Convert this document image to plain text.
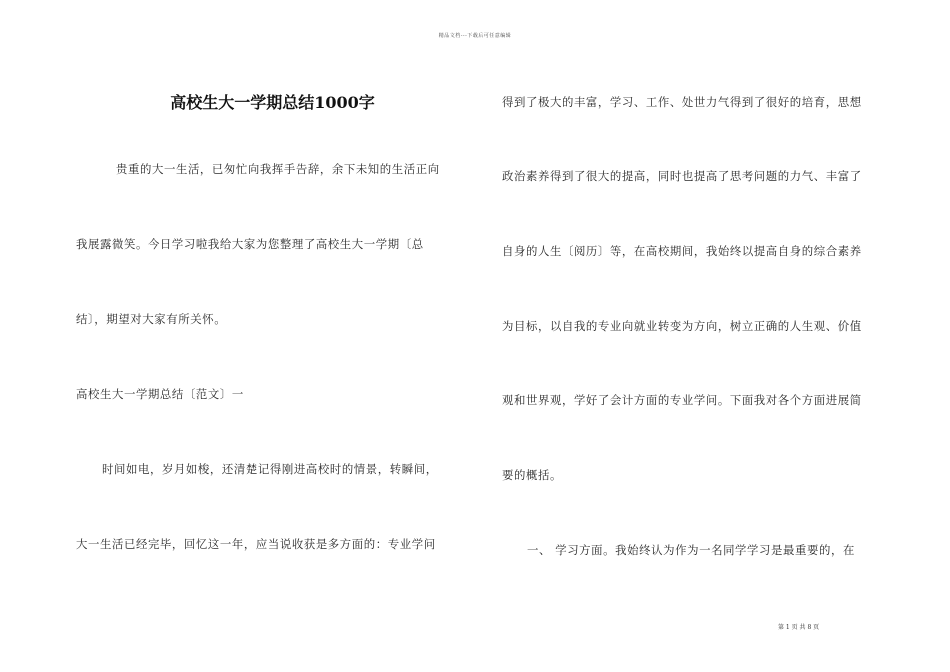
精品文档---下载后可任意编辑
高校生大一学期总结1000字
贵重的大一生活，已匆忙向我挥手告辞，余下未知的生活正向
我展露微笑。今日学习啦我给大家为您整理了高校生大一学期〔总
结〕，期望对大家有所关怀。
高校生大一学期总结〔范文〕一
时间如电，岁月如梭，还清楚记得刚进高校时的情景，转瞬间，
大一生活已经完毕，回忆这一年，应当说收获是多方面的：专业学问
得到了极大的丰富，学习、工作、处世力气得到了很好的培育，思想
政治素养得到了很大的提高，同时也提高了思考问题的力气、丰富了
自身的人生〔阅历〕等，在高校期间，我始终以提高自身的综合素养
为目标，以自我的专业向就业转变为方向，树立正确的人生观、价值
观和世界观，学好了会计方面的专业学问。下面我对各个方面进展简
要的概括。
一、 学习方面。我始终认为作为一名同学学习是最重要的，在
第 1 页 共 8 页
